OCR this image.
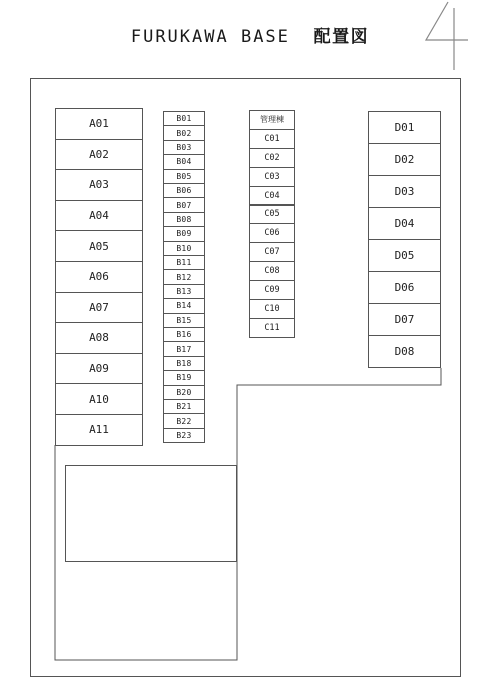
FURUKAWA BASE 配置図
A01
A02
A03
A04
A05
A06
A07
A08
A09
A10
A11
B01
B02
B03
B04
B05
B06
B07
B08
B09
B10
B11
B12
B13
B14
B15
B16
B17
B18
B19
B20
B21
B22
B23
管理棟
C01
C02
C03
C04
C05
C06
C07
C08
C09
C10
C11
D01
D02
D03
D04
D05
D06
D07
D08
